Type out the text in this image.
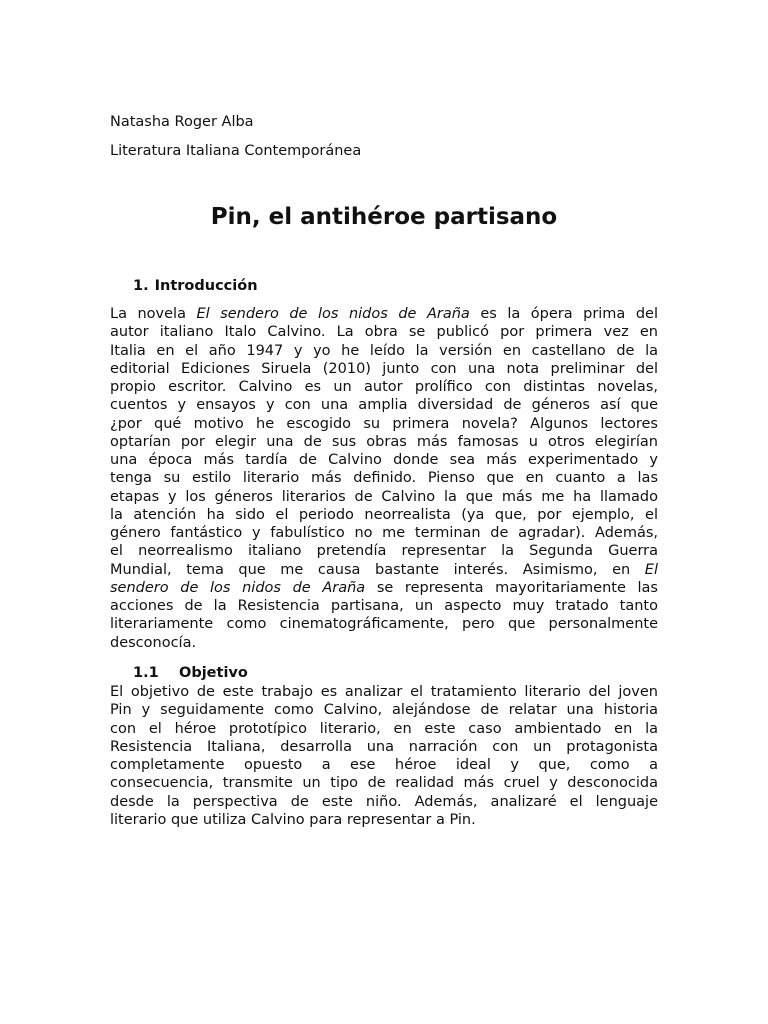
Natasha Roger Alba
Literatura Italiana Contemporánea
Pin, el antihéroe partisano
1. Introducción
La novela El sendero de los nidos de Araña es la ópera prima del
autor italiano Italo Calvino. La obra se publicó por primera vez en
Italia en el año 1947 y yo he leído la versión en castellano de la
editorial Ediciones Siruela (2010) junto con una nota preliminar del
propio escritor. Calvino es un autor prolífico con distintas novelas,
cuentos y ensayos y con una amplia diversidad de géneros así que
¿por qué motivo he escogido su primera novela? Algunos lectores
optarían por elegir una de sus obras más famosas u otros elegirían
una época más tardía de Calvino donde sea más experimentado y
tenga su estilo literario más definido. Pienso que en cuanto a las
etapas y los géneros literarios de Calvino la que más me ha llamado
la atención ha sido el periodo neorrealista (ya que, por ejemplo, el
género fantástico y fabulístico no me terminan de agradar). Además,
el neorrealismo italiano pretendía representar la Segunda Guerra
Mundial, tema que me causa bastante interés. Asimismo, en El
sendero de los nidos de Araña se representa mayoritariamente las
acciones de la Resistencia partisana, un aspecto muy tratado tanto
literariamente como cinematográficamente, pero que personalmente
desconocía.
1.1 Objetivo
El objetivo de este trabajo es analizar el tratamiento literario del joven
Pin y seguidamente como Calvino, alejándose de relatar una historia
con el héroe prototípico literario, en este caso ambientado en la
Resistencia Italiana, desarrolla una narración con un protagonista
completamente opuesto a ese héroe ideal y que, como a
consecuencia, transmite un tipo de realidad más cruel y desconocida
desde la perspectiva de este niño. Además, analizaré el lenguaje
literario que utiliza Calvino para representar a Pin.
